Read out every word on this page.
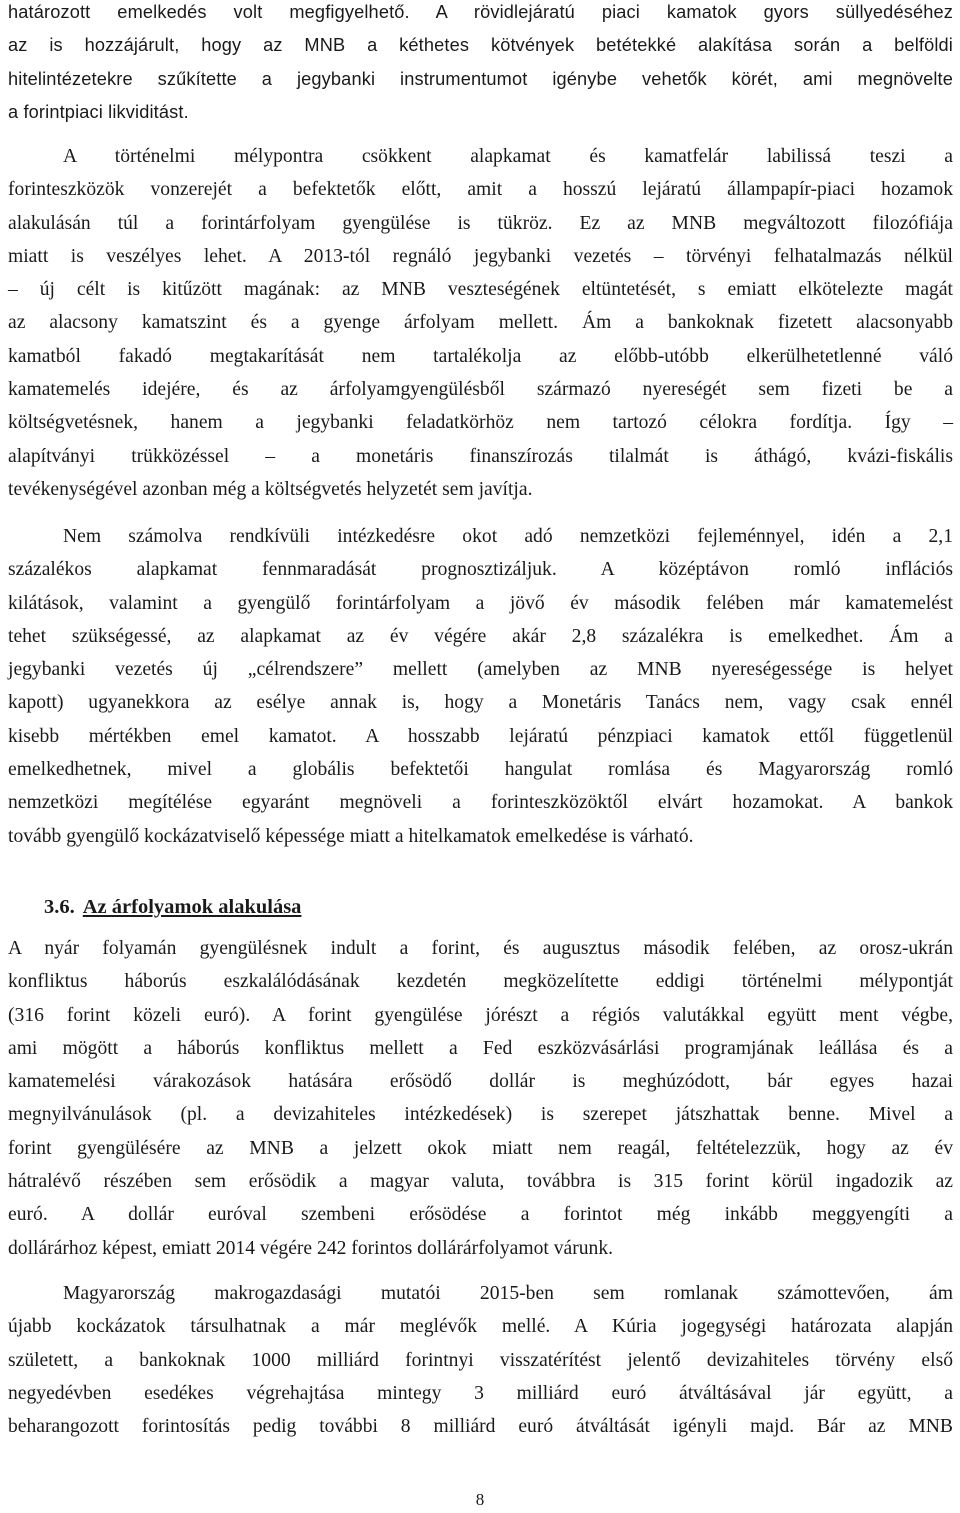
határozott emelkedés volt megfigyelhető. A rövidlejáratú piaci kamatok gyors süllyedéséhez
az is hozzájárult, hogy az MNB a kéthetes kötvények betétekké alakítása során a belföldi
hitelintézetekre szűkítette a jegybanki instrumentumot igénybe vehetők körét, ami megnövelte
a forintpiaci likviditást.
A történelmi mélypontra csökkent alapkamat és kamatfelár labilissá teszi a
forinteszközök vonzerejét a befektetők előtt, amit a hosszú lejáratú állampapír-piaci hozamok
alakulásán túl a forintárfolyam gyengülése is tükröz. Ez az MNB megváltozott filozófiája
miatt is veszélyes lehet. A 2013-tól regnáló jegybanki vezetés – törvényi felhatalmazás nélkül
– új célt is kitűzött magának: az MNB veszteségének eltüntetését, s emiatt elkötelezte magát
az alacsony kamatszint és a gyenge árfolyam mellett. Ám a bankoknak fizetett alacsonyabb
kamatból fakadó megtakarítását nem tartalékolja az előbb-utóbb elkerülhetetlenné váló
kamatemelés idejére, és az árfolyamgyengülésből származó nyereségét sem fizeti be a
költségvetésnek, hanem a jegybanki feladatkörhöz nem tartozó célokra fordítja. Így –
alapítványi trükközéssel – a monetáris finanszírozás tilalmát is áthágó, kvázi-fiskális
tevékenységével azonban még a költségvetés helyzetét sem javítja.
Nem számolva rendkívüli intézkedésre okot adó nemzetközi fejleménnyel, idén a 2,1
százalékos alapkamat fennmaradását prognosztizáljuk. A középtávon romló inflációs
kilátások, valamint a gyengülő forintárfolyam a jövő év második felében már kamatemelést
tehet szükségessé, az alapkamat az év végére akár 2,8 százalékra is emelkedhet. Ám a
jegybanki vezetés új „célrendszere” mellett (amelyben az MNB nyereségessége is helyet
kapott) ugyanekkora az esélye annak is, hogy a Monetáris Tanács nem, vagy csak ennél
kisebb mértékben emel kamatot. A hosszabb lejáratú pénzpiaci kamatok ettől függetlenül
emelkedhetnek, mivel a globális befektetői hangulat romlása és Magyarország romló
nemzetközi megítélése egyaránt megnöveli a forinteszközöktől elvárt hozamokat. A bankok
tovább gyengülő kockázatviselő képessége miatt a hitelkamatok emelkedése is várható.
3.6. Az árfolyamok alakulása
A nyár folyamán gyengülésnek indult a forint, és augusztus második felében, az orosz-ukrán
konfliktus háborús eszkalálódásának kezdetén megközelítette eddigi történelmi mélypontját
(316 forint közeli euró). A forint gyengülése jórészt a régiós valutákkal együtt ment végbe,
ami mögött a háborús konfliktus mellett a Fed eszközvásárlási programjának leállása és a
kamatemelési várakozások hatására erősödő dollár is meghúzódott, bár egyes hazai
megnyilvánulások (pl. a devizahiteles intézkedések) is szerepet játszhattak benne. Mivel a
forint gyengülésére az MNB a jelzett okok miatt nem reagál, feltételezzük, hogy az év
hátralévő részében sem erősödik a magyar valuta, továbbra is 315 forint körül ingadozik az
euró. A dollár euróval szembeni erősödése a forintot még inkább meggyengíti a
dollárárhoz képest, emiatt 2014 végére 242 forintos dollárárfolyamot várunk.
Magyarország makrogazdasági mutatói 2015-ben sem romlanak számottevően, ám
újabb kockázatok társulhatnak a már meglévők mellé. A Kúria jogegységi határozata alapján
született, a bankoknak 1000 milliárd forintnyi visszatérítést jelentő devizahiteles törvény első
negyedévben esedékes végrehajtása mintegy 3 milliárd euró átváltásával jár együtt, a
beharangozott forintosítás pedig további 8 milliárd euró átváltását igényli majd. Bár az MNB
8
